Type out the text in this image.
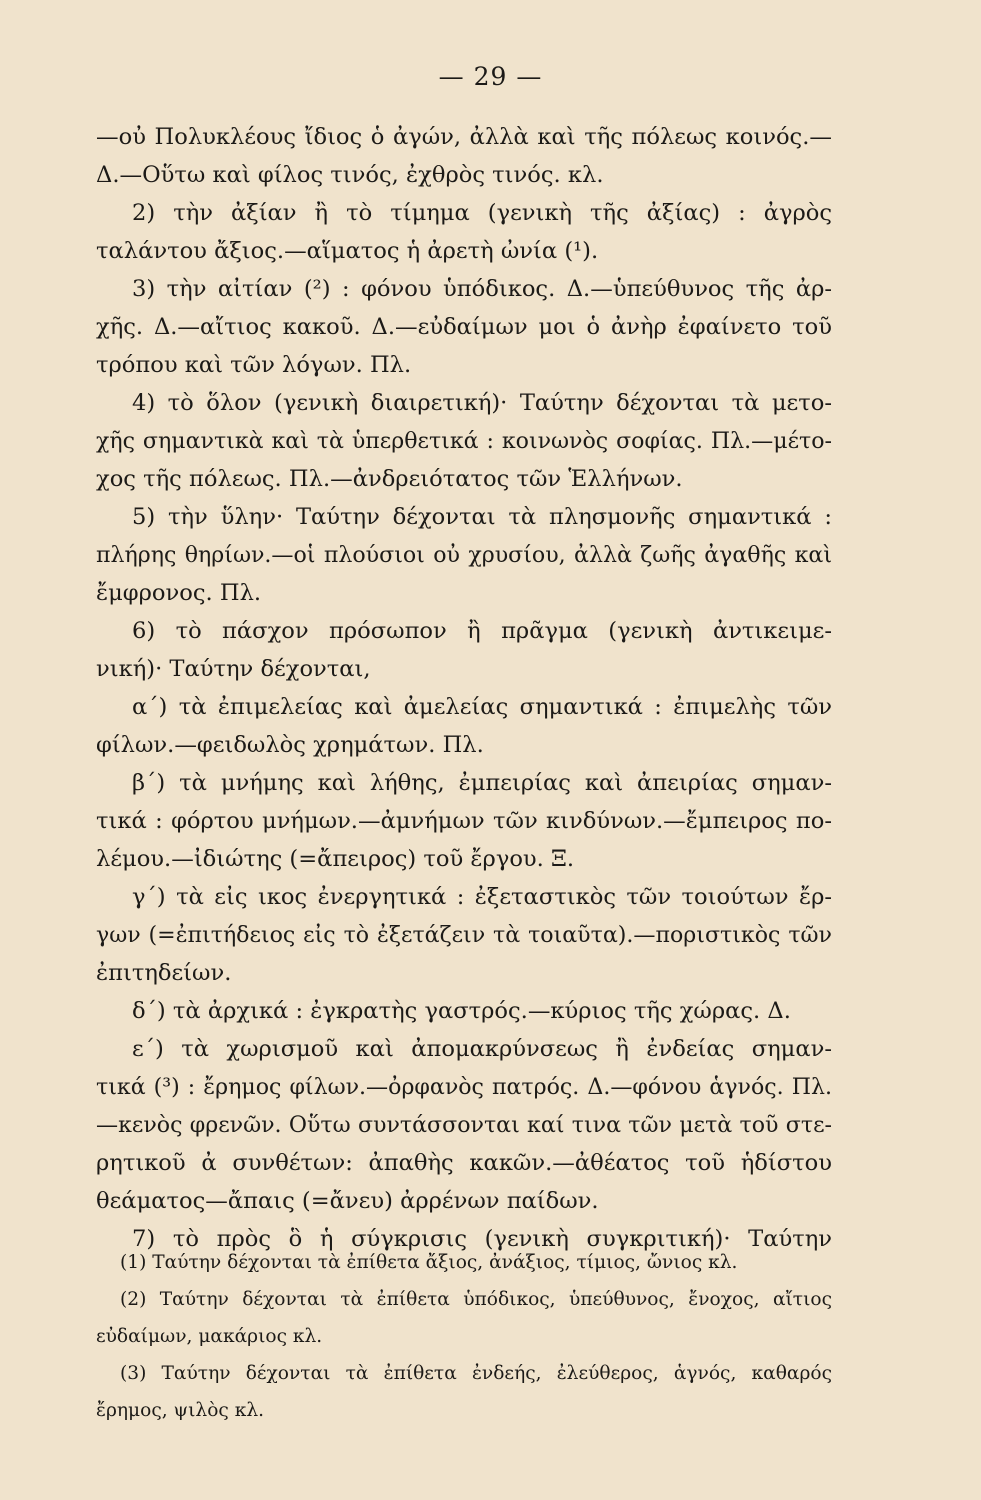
— 29 —
—οὐ Πολυκλέους ἴδιος ὁ ἀγών, ἀλλὰ καὶ τῆς πόλεως κοινός.—
Δ.—Οὕτω καὶ φίλος τινός, ἐχθρὸς τινός. κλ.
2) τὴν ἀξίαν ἢ τὸ τίμημα (γενικὴ τῆς ἀξίας) : ἀγρὸς
ταλάντου ἄξιος.—αἵματος ἡ ἀρετὴ ὠνία (¹).
3) τὴν αἰτίαν (²) : φόνου ὑπόδικος. Δ.—ὑπεύθυνος τῆς ἀρ-
χῆς. Δ.—αἴτιος κακοῦ. Δ.—εὐδαίμων μοι ὁ ἀνὴρ ἐφαίνετο τοῦ
τρόπου καὶ τῶν λόγων. Πλ.
4) τὸ ὅλον (γενικὴ διαιρετική)· Ταύτην δέχονται τὰ μετο-
χῆς σημαντικὰ καὶ τὰ ὑπερθετικά : κοινωνὸς σοφίας. Πλ.—μέτο-
χος τῆς πόλεως. Πλ.—ἀνδρειότατος τῶν Ἑλλήνων.
5) τὴν ὕλην· Ταύτην δέχονται τὰ πλησμονῆς σημαντικά :
πλήρης θηρίων.—οἱ πλούσιοι οὐ χρυσίου, ἀλλὰ ζωῆς ἀγαθῆς καὶ
ἔμφρονος. Πλ.
6) τὸ πάσχον πρόσωπον ἢ πρᾶγμα (γενικὴ ἀντικειμε-
νική)· Ταύτην δέχονται,
α΄) τὰ ἐπιμελείας καὶ ἀμελείας σημαντικά : ἐπιμελὴς τῶν
φίλων.—φειδωλὸς χρημάτων. Πλ.
β΄) τὰ μνήμης καὶ λήθης, ἐμπειρίας καὶ ἀπειρίας σημαν-
τικά : φόρτου μνήμων.—ἀμνήμων τῶν κινδύνων.—ἔμπειρος πο-
λέμου.—ἰδιώτης (=ἄπειρος) τοῦ ἔργου. Ξ.
γ΄) τὰ εἰς ικος ἐνεργητικά : ἐξεταστικὸς τῶν τοιούτων ἔρ-
γων (=ἐπιτήδειος εἰς τὸ ἐξετάζειν τὰ τοιαῦτα).—πoριστικὸς τῶν
ἐπιτηδείων.
δ΄) τὰ ἀρχικά : ἐγκρατὴς γαστρός.—κύριος τῆς χώρας. Δ.
ε΄) τὰ χωρισμοῦ καὶ ἀπομακρύνσεως ἢ ἐνδείας σημαν-
τικά (³) : ἔρημος φίλων.—ὀρφανὸς πατρός. Δ.—φόνου ἁγνός. Πλ.
—κενὸς φρενῶν. Οὕτω συντάσσονται καί τινα τῶν μετὰ τοῦ στε-
ρητικοῦ ἀ συνθέτων: ἀπαθὴς κακῶν.—ἀθέατος τοῦ ἡδίστου
θεάματος—ἄπαις (=ἄνευ) ἀρρένων παίδων.
7) τὸ πρὸς ὃ ἡ σύγκρισις (γενικὴ συγκριτική)· Ταύτην
(1) Ταύτην δέχονται τὰ ἐπίθετα ἄξιος, ἀνάξιος, τίμιος, ὤνιος κλ.
(2) Ταύτην δέχονται τὰ ἐπίθετα ὑπόδικος, ὑπεύθυνος, ἔνοχος, αἴτιος
εὐδαίμων, μακάριος κλ.
(3) Ταύτην δέχονται τὰ ἐπίθετα ἐνδεής, ἐλεύθερος, ἁγνός, καθαρός
ἔρημος, ψιλὸς κλ.
